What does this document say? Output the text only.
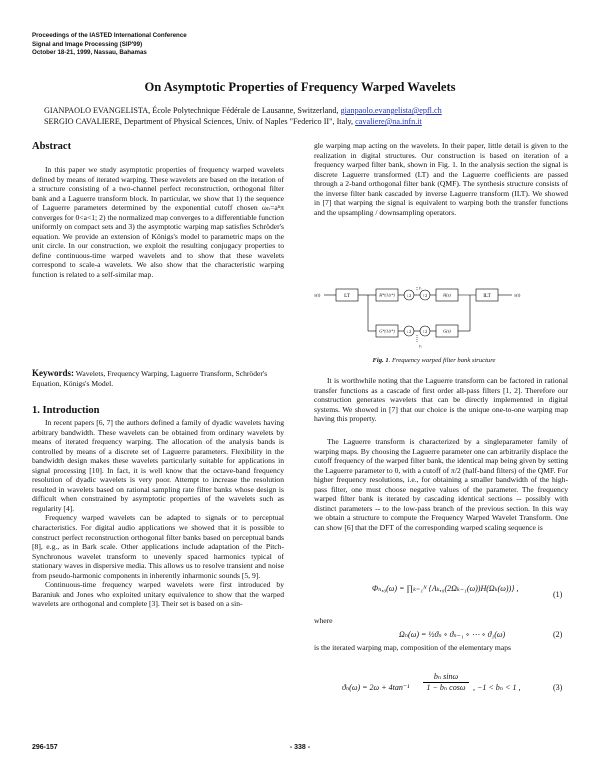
Proceedings of the IASTED International Conference
Signal and Image Processing (SIP'99)
October 18-21, 1999, Nassau, Bahamas
On Asymptotic Properties of Frequency Warped Wavelets
GIANPAOLO EVANGELISTA, École Polytechnique Fédérale de Lausanne, Switzerland, gianpaolo.evangelista@epfl.ch
SERGIO CAVALIERE, Department of Physical Sciences, Univ. of Naples "Federico II", Italy, cavaliere@na.infn.it
Abstract

In this paper we study asymptotic properties of frequency warped wavelets defined by means of iterated warping. These wavelets are based on the iteration of a structure consisting of a two-channel perfect reconstruction, orthogonal filter bank and a Laguerre transform block. In particular, we show that 1) the sequence of Laguerre parameters determined by the exponential cutoff chosen ωₙ=aⁿπ converges for 0<a<1; 2) the normalized map converges to a differentiable function uniformly on compact sets and 3) the asymptotic warping map satisfies Schröder's equation. We provide an extension of Königs's model to parametric maps on the unit circle. In our construction, we exploit the resulting conjugacy properties to define continuous-time warped wavelets and to show that these wavelets correspond to scale-a wavelets. We also show that the characteristic warping function is related to a self-similar map.

Keywords: Wavelets, Frequency Warping, Laguerre Transform, Schröder's Equation, Königs's Model.
1. Introduction

In recent papers [6, 7] the authors defined a family of dyadic wavelets having arbitrary bandwidth. These wavelets can be obtained from ordinary wavelets by means of iterated frequency warping. The allocation of the analysis bands is controlled by means of a discrete set of Laguerre parameters. Flexibility in the bandwidth design makes these wavelets particularly suitable for applications in signal processing [10]. In fact, it is well know that the octave-band frequency resolution of dyadic wavelets is very poor. Attempt to increase the resolution resulted in wavelets based on rational sampling rate filter banks whose design is difficult when constrained by asymptotic properties of the wavelets such as regularity [4].

Frequency warped wavelets can be adapted to signals or to perceptual characteristics. For digital audio applications we showed that it is possible to construct perfect reconstruction orthogonal filter banks based on perceptual bands [8], e.g., as in Bark scale. Other applications include adaptation of the Pitch-Synchronous wavelet transform to unevenly spaced harmonics typical of stationary waves in dispersive media. This allows us to resolve transient and noise from pseudo-harmonic components in inherently inharmonic sounds [5, 9].

Continuous-time frequency warped wavelets were first introduced by Baraniuk and Jones who exploited unitary equivalence to show that the warped wavelets are orthogonal and complete [3]. Their set is based on a sin-

gle warping map acting on the wavelets. In their paper, little detail is given to the realization in digital structures. Our construction is based on iteration of a frequency warped filter bank, shown in Fig. 1. In the analysis section the signal is discrete Laguerre transformed (LT) and the Laguerre coefficients are passed through a 2-band orthogonal filter bank (QMF). The synthesis structure consists of the inverse filter bank cascaded by inverse Laguerre transform (ILT). We showed in [7] that warping the signal is equivalent to warping both the transfer functions and the upsampling / downsampling operators.

x(t)	LT	H*(1/z*)
G*(1/z*)
↓2
↓2
↑2
↑2
H(z)
G(z)
ILT	x(t)
y₁
y₀
Fig. 1. Frequency warped filter bank structure

It is worthwhile noting that the Laguerre transform can be factored in rational transfer functions as a cascade of first order all-pass filters [1, 2]. Therefore our construction generates wavelets that can be directly implemented in digital systems. We showed in [7] that our choice is the unique one-to-one warping map having this property.

The Laguerre transform is characterized by a singleparameter family of warping maps. By choosing the Laguerre parameter one can arbitrarily displace the cutoff frequency of the warped filter bank, the identical map being given by setting the Laguerre parameter to 0, with a cutoff of π/2 (half-band filters) of the QMF. For higher frequency resolutions, i.e., for obtaining a smaller bandwidth of the high-pass filter, one must choose negative values of the parameter. The frequency warped filter bank is iterated by cascading identical sections -- possibly with distinct parameters -- to the low-pass branch of the previous section. In this way we obtain a structure to compute the Frequency Warped Wavelet Transform. One can show [6] that the DFT of the corresponding warped scaling sequence is

Φₙ,₀(ω) = ∏ₖ₌₁ᴺ {Aₖ,₀(2Ωₖ₋₁(ω))H(Ωₖ(ω))} ,
(1)

where

Ωₙ(ω) = ½ϑₙ ∘ ϑₙ₋₁ ∘ ⋯ ∘ ϑ₁(ω)	(2)

is the iterated warping map, composition of the elementary maps

$ϑ_n(\omega) = 2\omega + 4\tan^{-1} \frac{\text{bₙ sinω}}{\text{1 − bₙ cosω}}$ , −1 < bₙ < 1 ,	(3)
296-157	- 338 -
